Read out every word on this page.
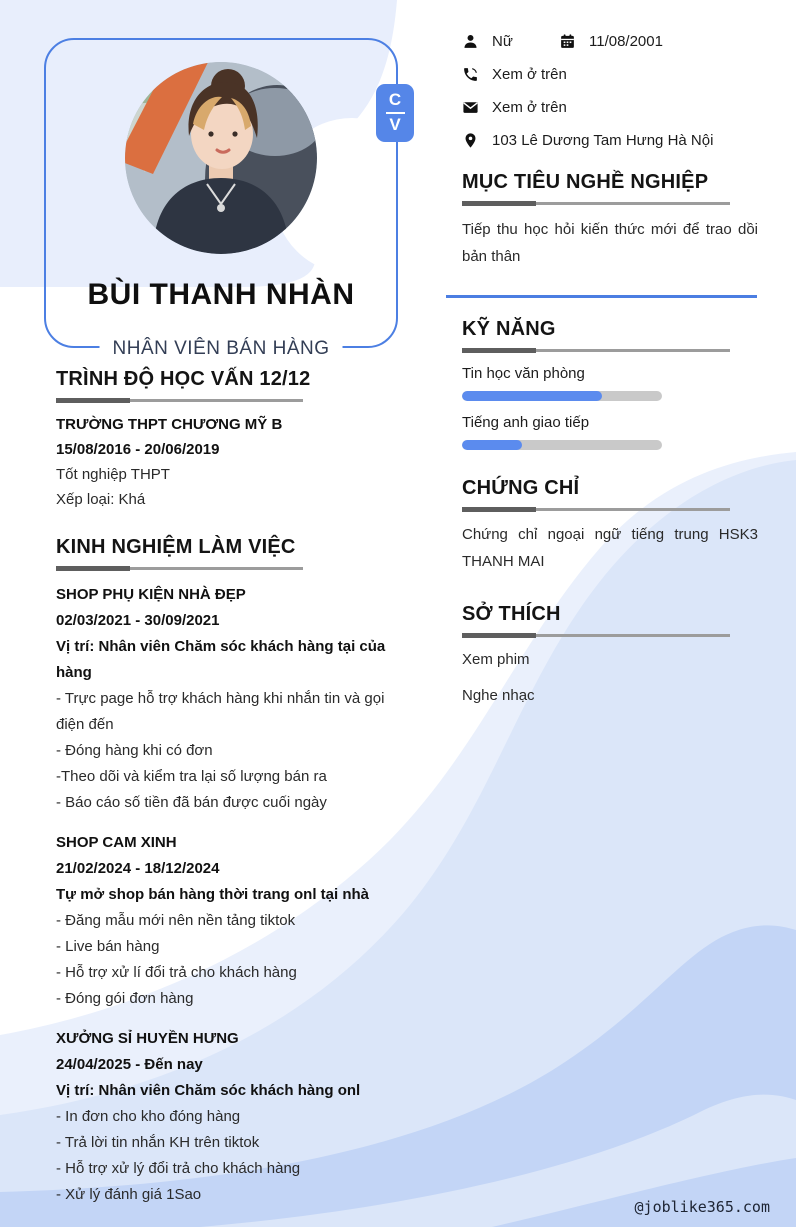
BÙI THANH NHÀN
NHÂN VIÊN BÁN HÀNG
C
V
TRÌNH ĐỘ HỌC VẤN 12/12
TRƯỜNG THPT CHƯƠNG MỸ B
15/08/2016 - 20/06/2019
Tốt nghiệp THPT
Xếp loại: Khá
KINH NGHIỆM LÀM VIỆC
SHOP PHỤ KIỆN NHÀ ĐẸP
02/03/2021 - 30/09/2021
Vị trí: Nhân viên Chăm sóc khách hàng tại của hàng
- Trực page hỗ trợ khách hàng khi nhắn tin và gọi điện đến
- Đóng hàng khi có đơn
-Theo dõi và kiểm tra lại số lượng bán ra
- Báo cáo số tiền đã bán được cuối ngày
SHOP CAM XINH
21/02/2024 - 18/12/2024
Tự mở shop bán hàng thời trang onl tại nhà
- Đăng mẫu mới nên nền tảng tiktok
- Live bán hàng
- Hỗ trợ xử lí đổi trả cho khách hàng
- Đóng gói đơn hàng
XƯỞNG SỈ HUYỀN HƯNG
24/04/2025 - Đến nay
Vị trí: Nhân viên Chăm sóc khách hàng onl
- In đơn cho kho đóng hàng
- Trả lời tin nhắn KH trên tiktok
- Hỗ trợ xử lý đổi trả cho khách hàng
- Xử lý đánh giá 1Sao
Nữ	11/08/2001
Xem ở trên
Xem ở trên
103 Lê Dương Tam Hưng Hà Nội
MỤC TIÊU NGHỀ NGHIỆP
Tiếp thu học hỏi kiến thức mới để trao dồi bản thân
KỸ NĂNG
Tin học văn phòng
Tiếng anh giao tiếp
CHỨNG CHỈ
Chứng chỉ ngoại ngữ tiếng trung HSK3 THANH MAI
SỞ THÍCH
Xem phim
Nghe nhạc
@joblike365.com
